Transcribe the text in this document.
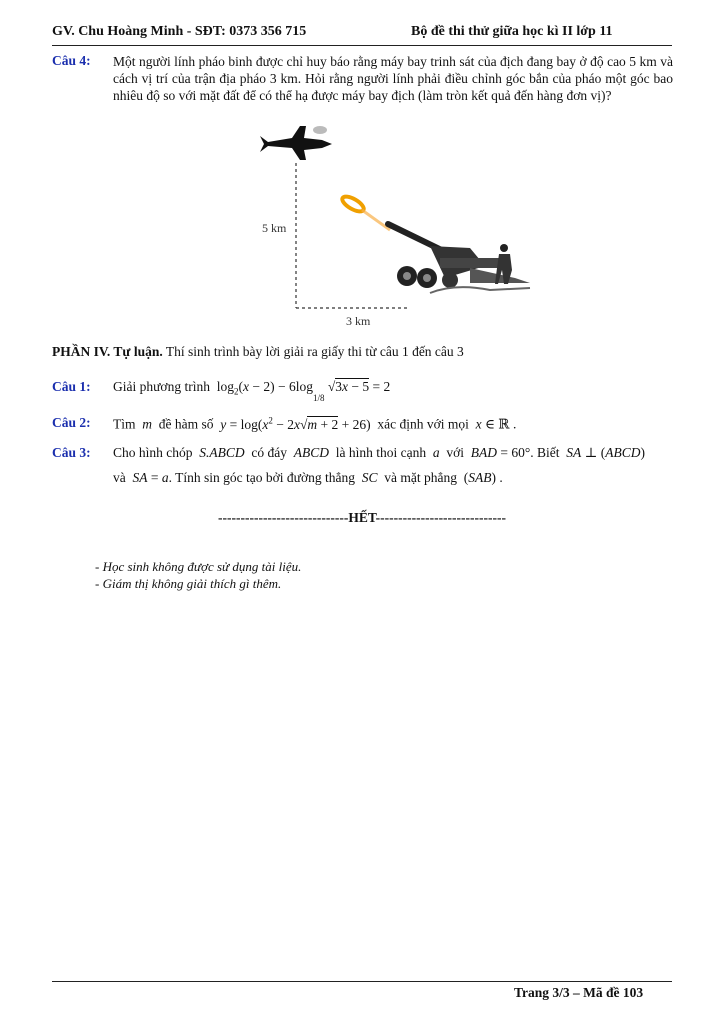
GV. Chu Hoàng Minh - SĐT: 0373 356 715	Bộ đề thi thử giữa học kì II lớp 11
Câu 4: Một người lính pháo binh được chỉ huy báo rằng máy bay trinh sát của địch đang bay ở độ cao 5 km và cách vị trí của trận địa pháo 3 km. Hỏi rằng người lính phải điều chỉnh góc bắn của pháo một góc bao nhiêu độ so với mặt đất để có thể hạ được máy bay địch (làm tròn kết quả đến hàng đơn vị)?
5 km
3 km
PHẦN IV. Tự luận. Thí sinh trình bày lời giải ra giấy thi từ câu 1 đến câu 3
Câu 1: Giải phương trình  $\log_2(x - 2) - 6\log_{1/8}$ √3x − 5 = 2
Câu 2: Tìm  m  đề hàm số $y = \log(x^2 - 2x√m + 2 + 26)$  xác định với mọi x ∈ ℝ .
Câu 3: Cho hình chóp  S.ABCD  có đáy  ABCD  là hình thoi cạnh  a  với BAD = 60°. Biết SA ⊥ (ABCD)
và SA = a. Tính sin góc tạo bởi đường thẳng  SC  và mặt phẳng  (SAB) .
-----------------------------HẾT-----------------------------
- Học sinh không được sử dụng tài liệu.
- Giám thị không giải thích gì thêm.
Trang 3/3 – Mã đề 103
